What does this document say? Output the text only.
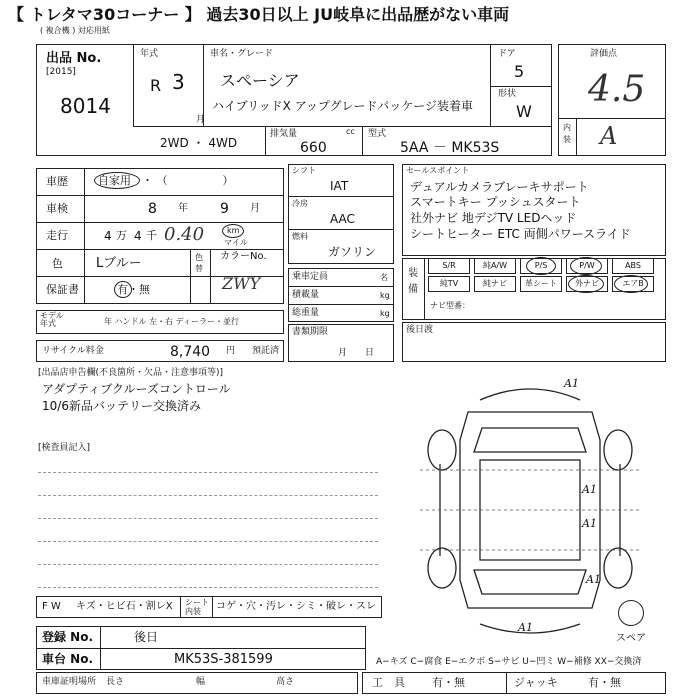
【 トレタマ30コーナー 】 過去30日以上 JU岐阜に出品歴がない車両
( 複合機 ) 対応用紙
出品 No.
[2015]
8014
年式
R 3
月
車名・グレード
スペーシア
ハイブリッドX アップグレードパッケージ装着車
ドア
5
形状
W
2WD ・ 4WD
排気量	cc
660
型式
5AA － MK53S
評価点
4.5
内装 A
車歴	自家用 ・ （　　　　　）
車検	8 年 9 月
走行	4 万 4 千 0.40	km
マイル
色	Lブルー	色替
カラーNo.
ZWY
保証書	有・無
モデル年式	年 ハンドル 左・右 ディーラー・並行
リサイクル料金	8,740 円 預託済
シフト
IAT
冷房
AAC
燃料
ガソリン
乗車定員	名
積載量	kg
総重量	kg
書類期限
月　　日
セールスポイント
デュアルカメラブレーキサポート
スマートキー プッシュスタート
社外ナビ 地デジTV LEDヘッド
シートヒーター ETC 両側パワースライド
装備
S/R	純A/W	P/S	P/W	ABS
純TV	純ナビ	革シート	外ナビ	エアB
ナビ型番：
後日渡
[出品店申告欄(不良箇所・欠品・注意事項等)]
アダプティブクルーズコントロール
10/6新品バッテリー交換済み
[検査員記入]
A1
A1
A1
A1
A1
スペア
F W キズ・ヒビ石・割レX シート内装	コゲ・穴・汚レ・シミ・破レ・スレ
登録 No.	後日
車台 No.	MK53S-381599	A−キズ C−腐食 E−エクボ S−サビ U−凹ミ W−補修 XX−交換済
車庫証明場所 長さ	幅	高さ	工　具 有・無	ジャッキ	有・無
